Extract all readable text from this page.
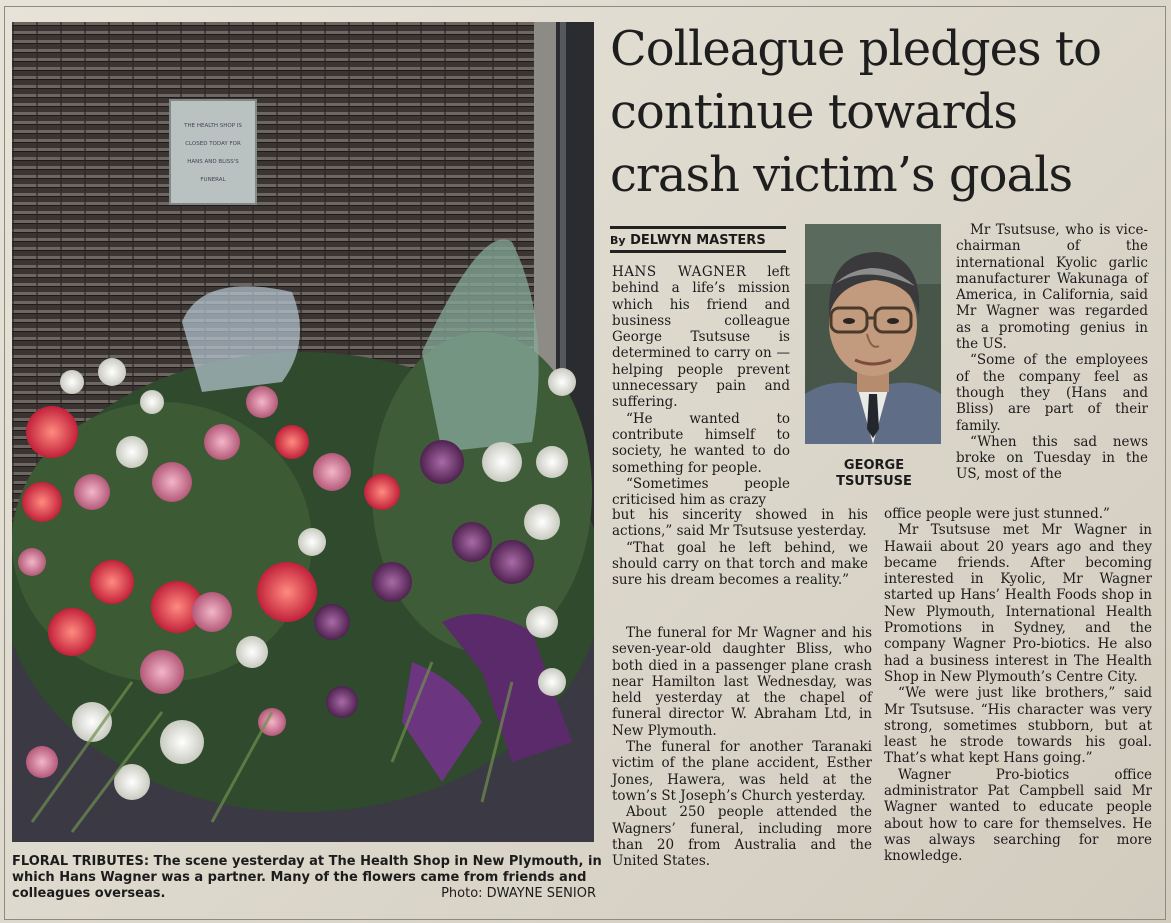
THE HEALTH SHOP IS
CLOSED TODAY FOR
HANS AND BLISS'S
FUNERAL
FLORAL TRIBUTES: The scene yesterday at The Health Shop in New Plymouth, in which Hans Wagner was a partner. Many of the flowers came from friends and colleagues overseas.	Photo: DWAYNE SENIOR
Colleague pledges to
continue towards
crash victim’s goals
By DELWYN MASTERS
GEORGE
TSUTSUSE

HANS WAGNER left behind a life’s mission which his friend and business colleague George Tsutsuse is determined to carry on — helping people prevent unnecessary pain and suffering.

“He wanted to contribute himself to society, he wanted to do something for people.

“Sometimes people criticised him as crazy

but his sincerity showed in his actions,” said Mr Tsutsuse yesterday.

“That goal he left behind, we should carry on that torch and make sure his dream becomes a reality.”

The funeral for Mr Wagner and his seven-year-old daughter Bliss, who both died in a passenger plane crash near Hamilton last Wednesday, was held yesterday at the chapel of funeral director W. Abraham Ltd, in New Plymouth.

The funeral for another Taranaki victim of the plane accident, Esther Jones, Hawera, was held at the town’s St Joseph’s Church yesterday.

About 250 people attended the Wagners’ funeral, including more than 20 from Australia and the United States.

Mr Tsutsuse, who is vice-chairman of the international Kyolic garlic manufacturer Wakunaga of America, in California, said Mr Wagner was regarded as a promoting genius in the US.

“Some of the employees of the company feel as though they (Hans and Bliss) are part of their family.

“When this sad news broke on Tuesday in the US, most of the

office people were just stunned.”

Mr Tsutsuse met Mr Wagner in Hawaii about 20 years ago and they became friends. After becoming interested in Kyolic, Mr Wagner started up Hans’ Health Foods shop in New Plymouth, International Health Promotions in Sydney, and the company Wagner Pro-biotics. He also had a business interest in The Health Shop in New Plymouth’s Centre City.

“We were just like brothers,” said Mr Tsutsuse. “His character was very strong, sometimes stubborn, but at least he strode towards his goal. That’s what kept Hans going.”

Wagner Pro-biotics office administrator Pat Campbell said Mr Wagner wanted to educate people about how to care for themselves. He was always searching for more knowledge.
